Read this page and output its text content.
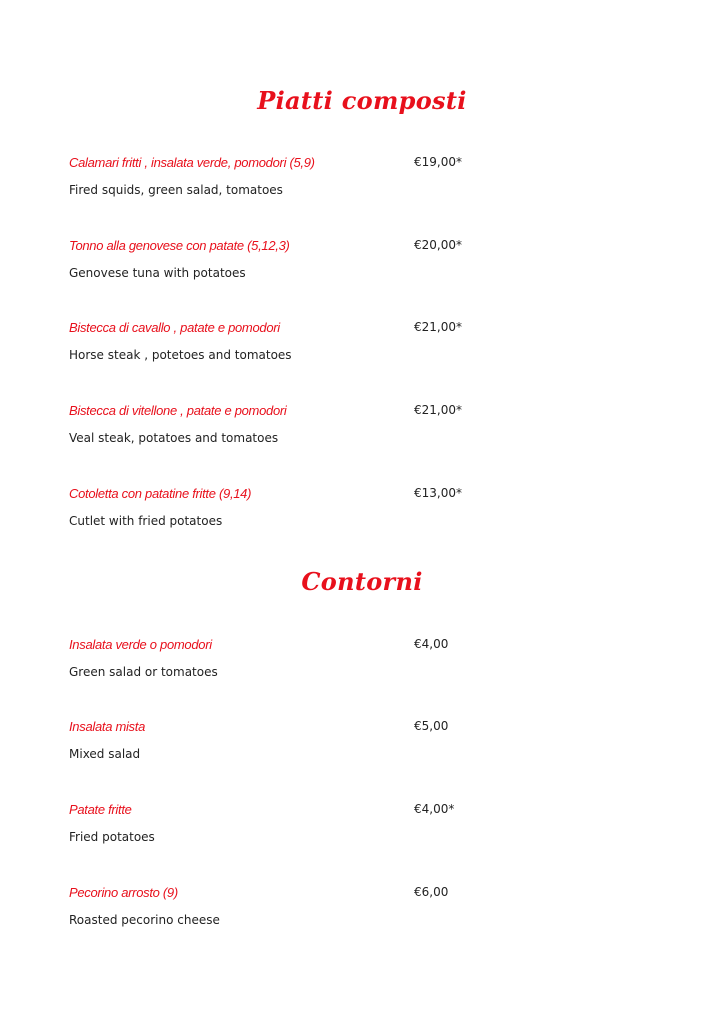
Piatti composti
Calamari fritti , insalata verde, pomodori (5,9)	€19,00*
Fired squids, green salad, tomatoes
Tonno alla genovese con patate (5,12,3)	€20,00*
Genovese tuna with potatoes
Bistecca di cavallo , patate e pomodori	€21,00*
Horse steak , potetoes and tomatoes
Bistecca di vitellone , patate e pomodori	€21,00*
Veal steak, potatoes and tomatoes
Cotoletta con patatine fritte (9,14)	€13,00*
Cutlet with fried potatoes
Contorni
Insalata verde o pomodori	€4,00
Green salad or tomatoes
Insalata mista	€5,00
Mixed salad
Patate fritte	€4,00*
Fried potatoes
Pecorino arrosto (9)	€6,00
Roasted pecorino cheese
